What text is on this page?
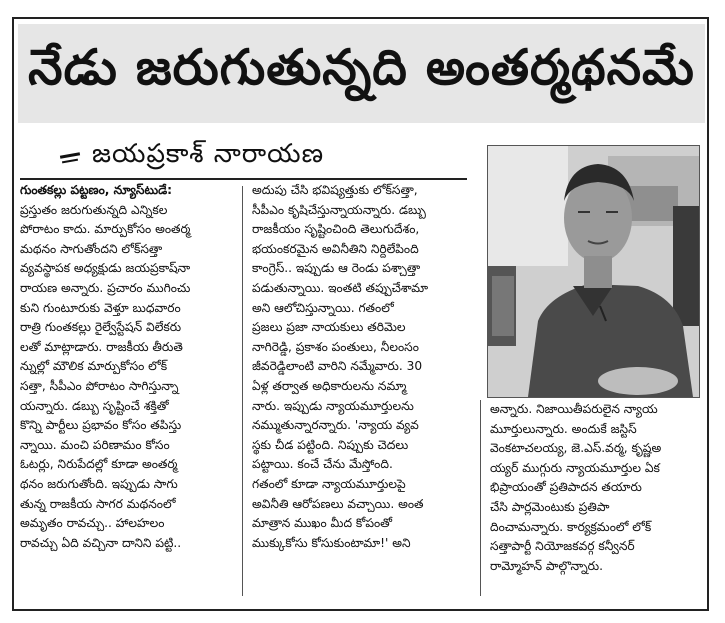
నేడు జరుగుతున్నది అంతర్మథనమే
జయప్రకాశ్ నారాయణ

గుంతకల్లు పట్టణం, న్యూస్‌టుడే:

ప్రస్తుతం జరుగుతున్నది ఎన్నికల

పోరాటం కాదు. మార్పుకోసం అంతర్మ

మథనం సాగుతోందని లోక్‌సత్తా

వ్యవస్థాపక అధ్యక్షుడు జయప్రకాష్‌నా

రాయణ అన్నారు. ప్రచారం ముగించు

కుని గుంటూరుకు వెళ్తూ బుధవారం

రాత్రి గుంతకల్లు రైల్వేస్టేషన్ విలేకరు

లతో మాట్లాడారు. రాజకీయ తీరుతె

న్నుల్లో మౌలిక మార్పుకోసం లోక్

సత్తా, సీపీఎం పోరాటం సాగిస్తున్నా

యన్నారు. డబ్బు సృష్టించే శక్తితో

కొన్ని పార్టీలు ప్రభావం కోసం తపిస్తు

న్నాయి. మంచి పరిణామం కోసం

ఓటర్లు, నిరుపేదల్లో కూడా అంతర్మ

థనం జరుగుతోంది. ఇప్పుడు సాగు

తున్న రాజకీయ సాగర మథనంలో

అమృతం రావచ్చు.. హాలహలం

రావచ్చు ఏది వచ్చినా దానిని పట్టి..

అదుపు చేసి భవిష్యత్తుకు లోక్‌సత్తా,

సీపీఎం కృషిచేస్తున్నాయన్నారు. డబ్బు

రాజకీయం సృష్టించింది తెలుగుదేశం,

భయంకరమైన అవినీతిని నిర్దిలేపింది

కాంగ్రెస్.. ఇప్పుడు ఆ రెండు పశ్చాత్తా

పడుతున్నాయి. ఇంతటి తప్పుచేశామా

అని ఆలోచిస్తున్నాయి. గతంలో

ప్రజలు ప్రజా నాయకులు తరిమెల

నాగిరెడ్డి, ప్రకాశం పంతులు, నీలంసం

జీవరెడ్డిలాంటి వారిని నమ్మేవారు. 30

ఏళ్ల తర్వాత అధికారులను నమ్మా

నారు. ఇప్పుడు న్యాయమూర్తులను

నమ్ముతున్నారన్నారు. 'న్యాయ వ్యవ

స్థకు చీడ పట్టింది. నిప్పుకు చెదలు

పట్టాయి. కంచే చేను మేస్తోంది.

గతంలో కూడా న్యాయమూర్తులపై

అవినీతి ఆరోపణలు వచ్చాయి. అంత

మాత్రాన ముఖం మీద కోపంతో

ముక్కుకోసు కోసుకుంటామా!' అని

అన్నారు. నిజాయితీపరులైన న్యాయ

మూర్తులున్నారు. అందుకే జస్టిస్

వెంకటాచలయ్య, జె.ఎస్.వర్మ, కృష్ణఅ

య్యర్ ముగ్గురు న్యాయమూర్తుల ఏక

భిప్రాయంతో ప్రతిపాదన తయారు

చేసి పార్లమెంటుకు ప్రతిపా

దించామన్నారు. కార్యక్రమంలో లోక్

సత్తాపార్టీ నియోజకవర్గ కన్వీనర్

రామ్మోహన్ పాల్గొన్నారు.
